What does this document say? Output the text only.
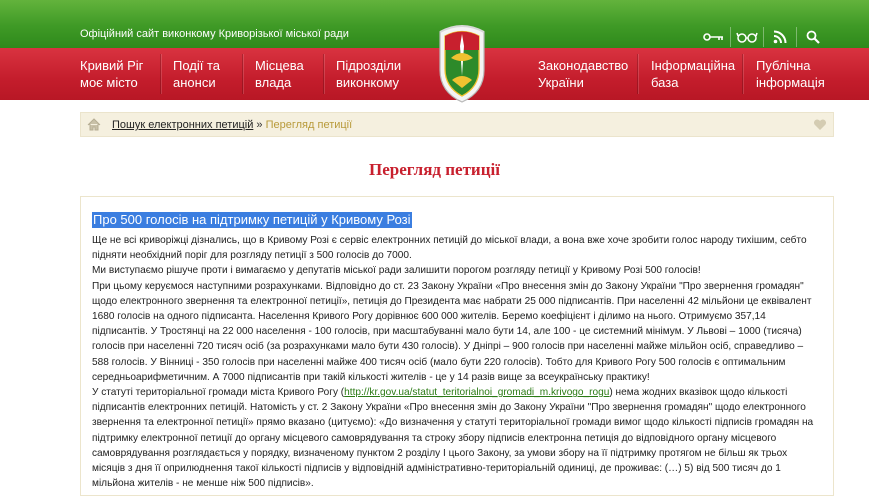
Офіційний сайт виконкому Криворізької міської ради
Кривий Ріг
моє місто
Події та
анонси
Місцева
влада
Підрозділи
виконкому
Законодавство
України
Інформаційна
база
Публічна
інформація
Пошук електронних петицій » Перегляд петиції
Перегляд петиції
Про 500 голосів на підтримку петицій у Кривому Розі
Ще не всі криворіжці дізнались, що в Кривому Розі є сервіс електронних петицій до міської влади, а вона вже хоче зробити голос народу тихішим, себто підняти необхідний поріг для розгляду петиції з 500 голосів до 7000.
Ми виступаємо рішуче проти і вимагаємо у депутатів міської ради залишити порогом розгляду петиції у Кривому Розі 500 голосів!
При цьому керуємося наступними розрахунками. Відповідно до ст. 23 Закону України «Про внесення змін до Закону України "Про звернення громадян" щодо електронного звернення та електронної петиції», петиція до Президента має набрати 25 000 підписантів. При населенні 42 мільйони це еквівалент 1680 голосів на одного підписанта. Населення Кривого Рогу дорівнює 600 000 жителів. Беремо коефіцієнт і ділимо на нього. Отримуємо 357,14 підписантів. У Тростянці на 22 000 населення - 100 голосів, при масштабуванні мало бути 14, але 100 - це системний мінімум. У Львові – 1000 (тисяча) голосів при населенні 720 тисяч осіб (за розрахунками мало бути 430 голосів). У Дніпрі – 900 голосів при населенні майже мільйон осіб, справедливо – 588 голосів. У Вінниці - 350 голосів при населенні майже 400 тисяч осіб (мало бути 220 голосів). Тобто для Кривого Рогу 500 голосів є оптимальним середньоарифметичним. А 7000 підписантів при такій кількості жителів - це у 14 разів вище за всеукраїнську практику!
У статуті територіальної громади міста Кривого Рогу (http://kr.gov.ua/statut_teritorialnoi_gromadi_m.krivogo_rogu) нема жодних вказівок щодо кількості підписантів електронних петицій. Натомість у ст. 2 Закону України «Про внесення змін до Закону України "Про звернення громадян" щодо електронного звернення та електронної петиції» прямо вказано (цитуємо): «До визначення у статуті територіальної громади вимог щодо кількості підписів громадян на підтримку електронної петиції до органу місцевого самоврядування та строку збору підписів електронна петиція до відповідного органу місцевого самоврядування розглядається у порядку, визначеному пунктом 2 розділу I цього Закону, за умови збору на її підтримку протягом не більш як трьох місяців з дня її оприлюднення такої кількості підписів у відповідній адміністративно-територіальній одиниці, де проживає: (…) 5) від 500 тисяч до 1 мільйона жителів - не менше ніж 500 підписів».
